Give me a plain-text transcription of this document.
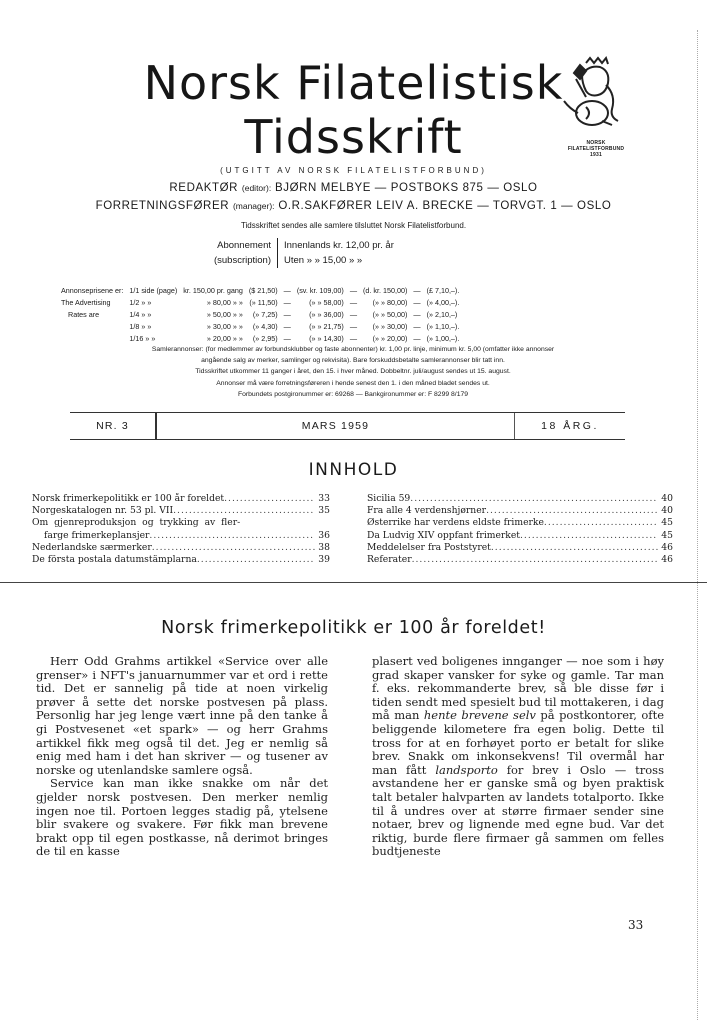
Norsk Filatelistisk
Tidsskrift	NORSK
FILATELISTFORBUND
1931
(UTGITT AV NORSK FILATELISTFORBUND)
REDAKTØR (editor): BJØRN MELBYE — POSTBOKS 875 — OSLO
FORRETNINGSFØRER (manager): O.R.SAKFØRER LEIV A. BRECKE — TORVGT. 1 — OSLO
Tidsskriftet sendes alle samlere tilsluttet Norsk Filatelistforbund.
Abonnement Innenlands kr. 12,00 pr. år
(subscription) Uten » » 15,00 » »
Annonseprisene er:	1/1 side (page)	kr. 150,00 pr. gang	($ 21,50)	—	(sv. kr. 109,00)	—	(d. kr. 150,00)	—	(£ 7,10,–).
The Advertising	1/2 » »	» 80,00 » »	(» 11,50)	—	(» » 58,00)	—	(» » 80,00)	—	(» 4,00,–).
Rates are	1/4 » »	» 50,00 » »	(» 7,25)	—	(» » 36,00)	—	(» » 50,00)	—	(» 2,10,–)
	1/8 » »	» 30,00 » »	(» 4,30)	—	(» » 21,75)	—	(» » 30,00)	—	(» 1,10,–).
	1/16 » »	» 20,00 » »	(» 2,95)	—	(» » 14,30)	—	(» » 20,00)	—	(» 1,00,–).
Samlerannonser: (for medlemmer av forbundsklubber og faste abonnenter) kr. 1,00 pr. linje, minimum kr. 5,00 (omfatter ikke annonser
angående salg av merker, samlinger og rekvisita). Bare forskuddsbetalte samlerannonser blir tatt inn.
Tidsskriftet utkommer 11 ganger i året, den 15. i hver måned. Dobbeltnr. juli/august sendes ut 15. august.
Annonser må være forretningsføreren i hende senest den 1. i den måned bladet sendes ut.
Forbundets postgironummer er: 69268 — Bankgironummer er: F 8299 8/179
NR. 3	MARS 1959	18 ÅRG.
INNHOLD
Norsk frimerkepolitikk er 100 år foreldet .....	33
Norgeskatalogen nr. 53 pl. VII .....	35
Om gjenreproduksjon og trykking av fler-
farge frimerkeplansjer .....	36
Nederlandske særmerker .....	38
De första postala datumstämplarna .....	39
Sicilia 59 .....	40
Fra alle 4 verdenshjørner .....	40
Østerrike har verdens eldste frimerke .....	45
Da Ludvig XIV oppfant frimerket .....	45
Meddelelser fra Poststyret .....	46
Referater .....	46
Norsk frimerkepolitikk er 100 år foreldet!

Herr Odd Grahms artikkel «Service over alle grenser» i NFT's januarnummer var et ord i rette tid. Det er sannelig på tide at noen virkelig prøver å sette det norske postvesen på plass. Personlig har jeg lenge vært inne på den tanke å gi Postvesenet «et spark» — og herr Grahms artikkel fikk meg også til det. Jeg er nemlig så enig med ham i det han skriver — og tusener av norske og utenlandske samlere også.

Service kan man ikke snakke om når det gjelder norsk postvesen. Den merker nemlig ingen noe til. Portoen legges stadig på, ytelsene blir svakere og svakere. Før fikk man brevene brakt opp til egen postkasse, nå derimot bringes de til en kasse

plasert ved boligenes innganger — noe som i høy grad skaper vansker for syke og gamle. Tar man f. eks. rekommanderte brev, så ble disse før i tiden sendt med spesielt bud til mottakeren, i dag må man hente brevene selv på postkontorer, ofte beliggende kilometere fra egen bolig. Dette til tross for at en forhøyet porto er betalt for slike brev. Snakk om inkonsekvens! Til overmål har man fått landsporto for brev i Oslo — tross avstandene her er ganske små og byen praktisk talt betaler halvparten av landets totalporto. Ikke til å undres over at større firmaer sender sine notaer, brev og lignende med egne bud. Var det riktig, burde flere firmaer gå sammen om felles budtjeneste

33
